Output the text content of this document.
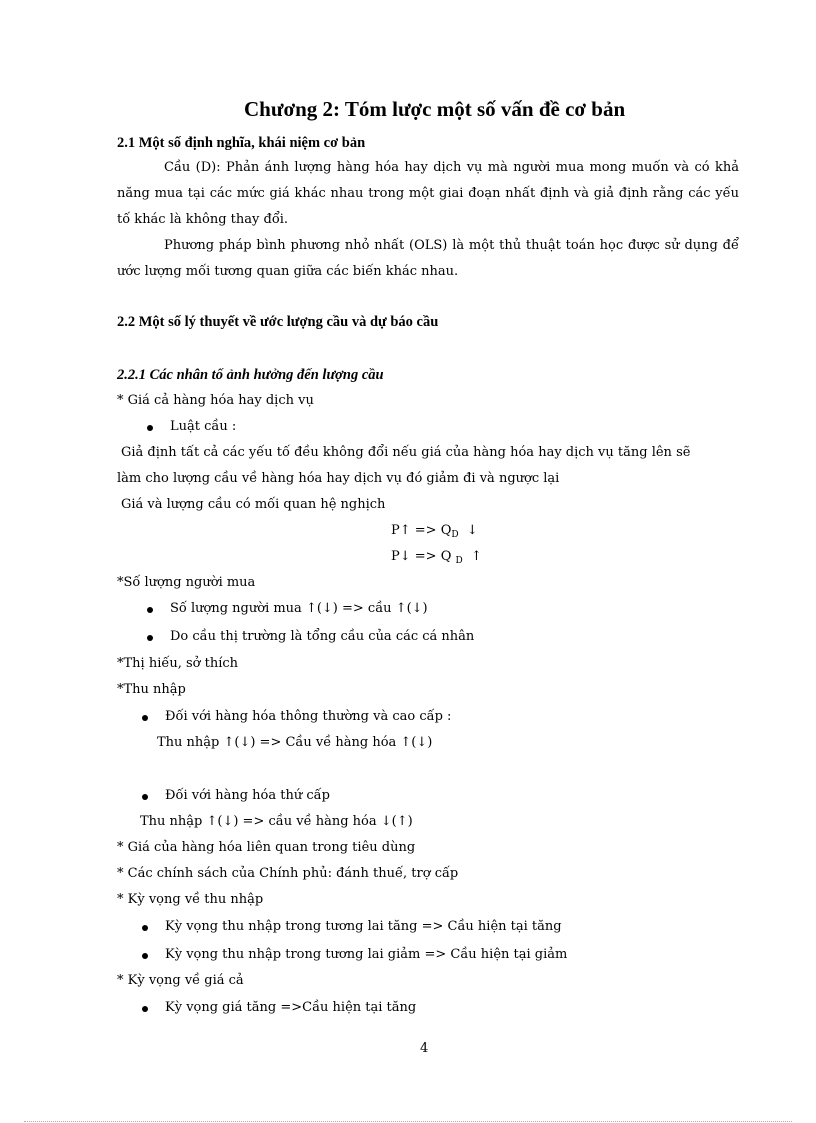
Chương 2: Tóm lược một số vấn đề cơ bản
2.1 Một số định nghĩa, khái niệm cơ bản
Cầu (D): Phản ánh lượng hàng hóa hay dịch vụ mà người mua mong muốn và có khả năng mua tại các mức giá khác nhau trong một giai đoạn nhất định và giả định rằng các yếu tố khác là không thay đổi.
Phương pháp bình phương nhỏ nhất (OLS) là một thủ thuật toán học được sử dụng để ước lượng mối tương quan giữa các biến khác nhau.
2.2 Một số lý thuyết về ước lượng cầu và dự báo cầu
2.2.1 Các nhân tố ảnh hưởng đến lượng cầu
* Giá cả hàng hóa hay dịch vụ
Luật cầu :
Giả định tất cả các yếu tố đều không đổi nếu giá của hàng hóa hay dịch vụ tăng lên sẽ
làm cho lượng cầu về hàng hóa hay dịch vụ đó giảm đi và ngược lại
Giá và lượng cầu có mối quan hệ nghịch
P↑ => $Q_D$ ↓
P↓ => Q $_D$ ↑
*Số lượng người mua
Số lượng người mua ↑(↓) => cầu ↑(↓)
Do cầu thị trường là tổng cầu của các cá nhân
*Thị hiếu, sở thích
*Thu nhập
Đối với hàng hóa thông thường và cao cấp :
Thu nhập ↑(↓) => Cầu về hàng hóa ↑(↓)
Đối với hàng hóa thứ cấp
Thu nhập ↑(↓) => cầu về hàng hóa ↓(↑)
* Giá của hàng hóa liên quan trong tiêu dùng
* Các chính sách của Chính phủ: đánh thuế, trợ cấp
* Kỳ vọng về thu nhập
Kỳ vọng thu nhập trong tương lai tăng => Cầu hiện tại tăng
Kỳ vọng thu nhập trong tương lai giảm => Cầu hiện tại giảm
* Kỳ vọng về giá cả
Kỳ vọng giá tăng =>Cầu hiện tại tăng
4
